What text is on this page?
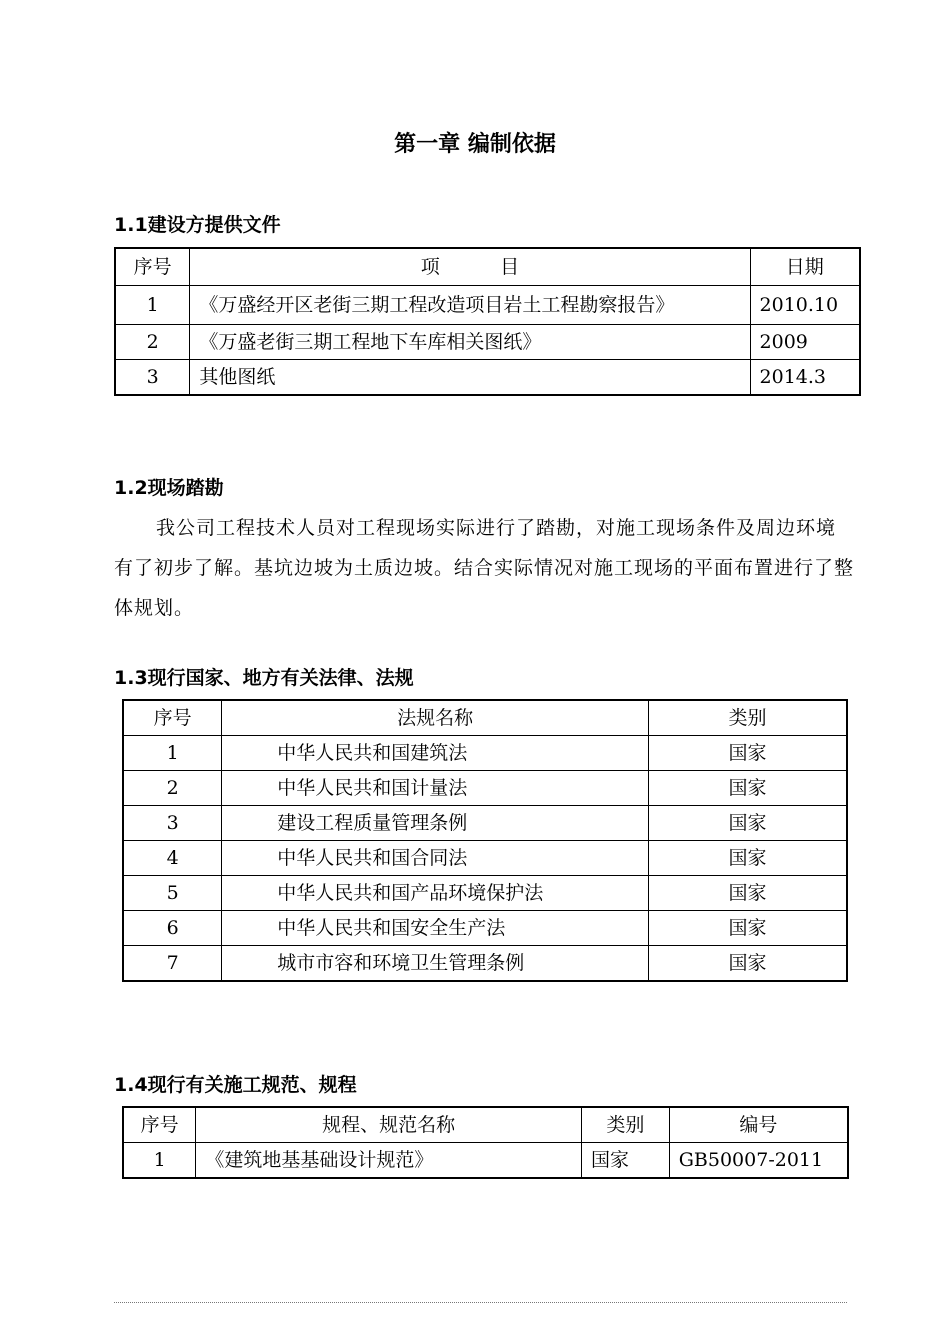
第一章 编制依据
1.1建设方提供文件
序号	项          目	日期
1	《万盛经开区老街三期工程改造项目岩土工程勘察报告》	2010.10
2	《万盛老街三期工程地下车库相关图纸》	2009
3	其他图纸	2014.3
1.2现场踏勘
我公司工程技术人员对工程现场实际进行了踏勘，对施工现场条件及周边环境有了初步了解。基坑边坡为土质边坡。结合实际情况对施工现场的平面布置进行了整体规划。
1.3现行国家、地方有关法律、法规
序号	法规名称	类别
1	中华人民共和国建筑法	国家
2	中华人民共和国计量法	国家
3	建设工程质量管理条例	国家
4	中华人民共和国合同法	国家
5	中华人民共和国产品环境保护法	国家
6	中华人民共和国安全生产法	国家
7	城市市容和环境卫生管理条例	国家
1.4现行有关施工规范、规程
序号	规程、规范名称	类别	编号
1	《建筑地基基础设计规范》	国家	GB50007-2011
